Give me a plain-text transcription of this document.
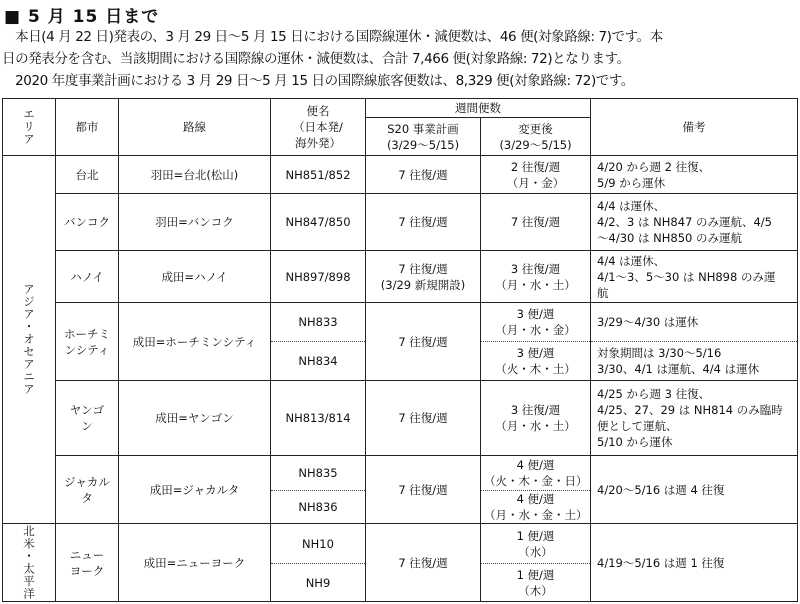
■ 5 月 15 日まで
　本日(4 月 22 日)発表の、3 月 29 日～5 月 15 日における国際線運休・減便数は、46 便(対象路線: 7)です。本
日の発表分を含む、当該期間における国際線の運休・減便数は、合計 7,466 便(対象路線: 72)となります。
　2020 年度事業計画における 3 月 29 日～5 月 15 日の国際線旅客便数は、8,329 便(対象路線: 72)です。
エリア	都市	路線	便名
（日本発/
海外発）	週間便数		備考
				S20 事業計画
(3/29～5/15)	変更後
(3/29～5/15)	

アジア・オセアニア	台北	羽田=台北(松山)	NH851/852	7 往復/週	2 往復/週
（月・金）	4/20 から週 2 往復、
5/9 から運休
	バンコク	羽田=バンコク	NH847/850	7 往復/週	7 往復/週	4/4 は運休、
4/2、3 は NH847 のみ運航、4/5
～4/30 は NH850 のみ運航
	ハノイ	成田=ハノイ	NH897/898	7 往復/週
(3/29 新規開設)	3 往復/週
（月・水・土）	4/4 は運休、
4/1～3、5～30 は NH898 のみ運
航
	ホーチミ
ンシティ	成田=ホーチミンシティ	NH833	7 往復/週	3 便/週
（月・水・金）	3/29～4/30 は運休
			NH834		3 便/週
（火・木・土）	対象期間は 3/30～5/16
3/30、4/1 は運航、4/4 は運休
	ヤンゴ
ン	成田=ヤンゴン	NH813/814	7 往復/週	3 往復/週
（月・水・土）	4/25 から週 3 往復、
4/25、27、29 は NH814 のみ臨時
便として運航、
5/10 から運休
	ジャカル
タ	成田=ジャカルタ	NH835	7 往復/週	4 便/週
（火・木・金・日）	4/20～5/16 は週 4 往復
			NH836		4 便/週
（月・水・金・土）	

北米・太平洋	ニュー
ヨーク	成田=ニューヨーク	NH10	7 往復/週	1 便/週
（水）	4/19～5/16 は週 1 往復
			NH9		1 便/週
（木）	
